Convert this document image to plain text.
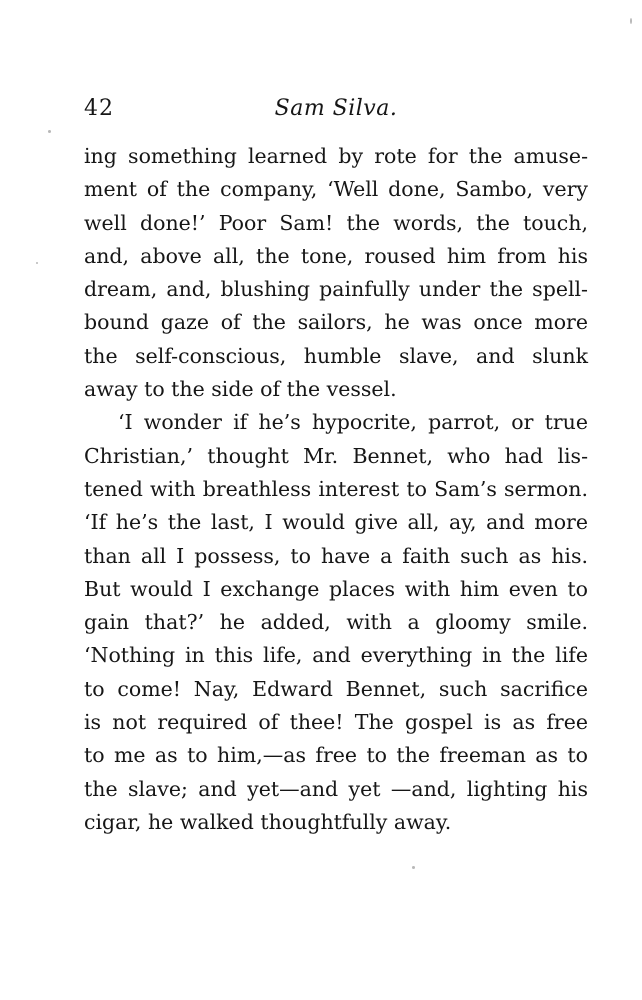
42	Sam Silva.
ing something learned by rote for the amuse-
ment of the company, ‘Well done, Sambo, very
well done!’ Poor Sam! the words, the touch,
and, above all, the tone, roused him from his
dream, and, blushing painfully under the spell-
bound gaze of the sailors, he was once more
the self-conscious, humble slave, and slunk
away to the side of the vessel.
‘I wonder if he’s hypocrite, parrot, or true
Christian,’ thought Mr. Bennet, who had lis-
tened with breathless interest to Sam’s sermon.
‘If he’s the last, I would give all, ay, and more
than all I possess, to have a faith such as his.
But would I exchange places with him even to
gain that?’ he added, with a gloomy smile.
‘Nothing in this life, and everything in the life
to come! Nay, Edward Bennet, such sacrifice
is not required of thee! The gospel is as free
to me as to him,—as free to the freeman as to
the slave; and yet—and yet —and, lighting his
cigar, he walked thoughtfully away.
